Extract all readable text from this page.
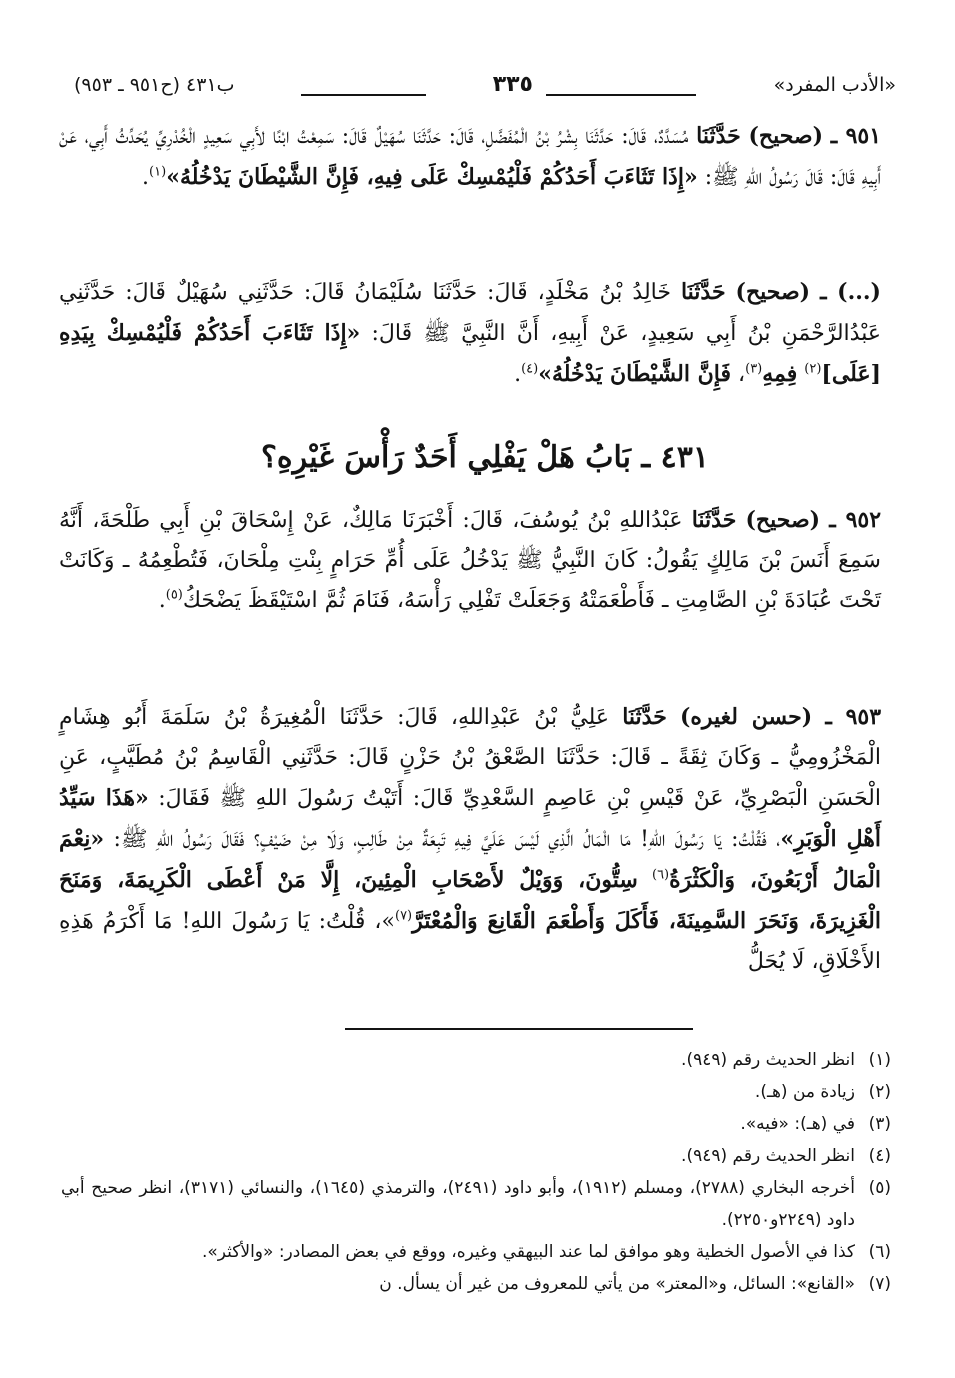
«الأدب المفرد»
٣٣٥
ب٤٣١ (ح٩٥١ ـ ٩٥٣)
٩٥١ ـ (صحيح) حَدَّثَنَا مُسَدَّدٌ، قَالَ: حَدَّثَنَا بِشْرُ بْنُ الْمُفَضَّلِ، قَالَ: حَدَّثَنَا سُهَيْلٌ قَالَ: سَمِعْتُ ابْنًا لأَبِي سَعِيدٍ الْخُدْرِيِّ يُحَدِّثُ أَبِي، عَنْ أَبِيهِ قَالَ: قَالَ رَسُولُ اللهِ ﷺ: «إِذَا تَثَاءَبَ أَحَدُكُمْ فَلْيُمْسِكْ عَلَى فِيهِ، فَإِنَّ الشَّيْطَانَ يَدْخُلُهُ»$^{(١)}$.
(...) ـ (صحيح) حَدَّثَنَا خَالِدُ بْنُ مَخْلَدٍ، قَالَ: حَدَّثَنَا سُلَيْمَانُ قَالَ: حَدَّثَنِي سُهَيْلٌ قَالَ: حَدَّثَنِي عَبْدُالرَّحْمَنِ بْنُ أَبِي سَعِيدٍ، عَنْ أَبِيهِ، أَنَّ النَّبِيَّ ﷺ قَالَ: «إِذَا تَثَاءَبَ أَحَدُكُمْ فَلْيُمْسِكْ بِيَدِهِ [عَلَى]$^{(٢)}$ فِمِهِ$^{(٣)}$، فَإِنَّ الشَّيْطَانَ يَدْخُلُهُ»$^{(٤)}$.
٤٣١ ـ بَابُ هَلْ يَفْلِي أَحَدٌ رَأْسَ غَيْرِهِ؟
٩٥٢ ـ (صحيح) حَدَّثَنَا عَبْدُاللهِ بْنُ يُوسُفَ، قَالَ: أَخْبَرَنَا مَالِكٌ، عَنْ إِسْحَاقَ بْنِ أَبِي طَلْحَةَ، أَنَّهُ سَمِعَ أَنَسَ بْنَ مَالِكٍ يَقُولُ: كَانَ النَّبِيُّ ﷺ يَدْخُلُ عَلَى أُمِّ حَرَامٍ بِنْتِ مِلْحَانَ، فَتُطْعِمُهُ ـ وَكَانَتْ تَحْتَ عُبَادَةَ بْنِ الصَّامِتِ ـ فَأَطْعَمَتْهُ وَجَعَلَتْ تَفْلِي رَأْسَهُ، فَنَامَ ثُمَّ اسْتَيْقَظَ يَضْحَكُ$^{(٥)}$.
٩٥٣ ـ (حسن لغيره) حَدَّثَنَا عَلِيُّ بْنُ عَبْدِاللهِ، قَالَ: حَدَّثَنَا الْمُغِيرَةُ بْنُ سَلَمَةَ أَبُو هِشَامٍ الْمَخْزُومِيُّ ـ وَكَانَ ثِقَةً ـ قَالَ: حَدَّثَنَا الصَّعْقُ بْنُ حَزْنٍ قَالَ: حَدَّثَنِي الْقَاسِمُ بْنُ مُطَيَّبٍ، عَنِ الْحَسَنِ الْبَصْرِيِّ، عَنْ قَيْسِ بْنِ عَاصِمٍ السَّعْدِيِّ قَالَ: أَتَيْتُ رَسُولَ اللهِ ﷺ فَقَالَ: «هَذَا سَيِّدُ أَهْلِ الْوَبَرِ»، فَقُلْتُ: يَا رَسُولَ اللهِ! مَا الْمَالُ الَّذِي لَيْسَ عَلَيَّ فِيهِ تَبِعَةٌ مِنْ طَالِبٍ، وَلَا مِنْ ضَيْفٍ؟ فَقَالَ رَسُولُ اللهِ ﷺ: «نِعْمَ الْمَالُ أَرْبَعُونَ، وَالْكَثْرَةُ$^{(٦)}$ سِتُّونَ، وَوَيْلٌ لأَصْحَابِ الْمِئِينَ، إِلَّا مَنْ أَعْطَى الْكَرِيمَةَ، وَمَنَحَ الْغَزِيرَةَ، وَنَحَرَ السَّمِينَةَ، فَأَكَلَ وَأَطْعَمَ الْقَانِعَ وَالْمُعْتَرَّ$^{(٧)}$»، قُلْتُ: يَا رَسُولَ اللهِ! مَا أَكْرَمُ هَذِهِ الأَخْلَاقِ، لَا يُحَلُّ
(١)
انظر الحديث رقم (٩٤٩).
(٢)
زيادة من (هـ).
(٣)
في (هـ): «فيه».
(٤)
انظر الحديث رقم (٩٤٩).
(٥)
أخرجه البخاري (٢٧٨٨)، ومسلم (١٩١٢)، وأبو داود (٢٤٩١)، والترمذي (١٦٤٥)، والنسائي (٣١٧١)، انظر صحيح أبي داود (٢٢٤٩و٢٢٥٠).
(٦)
كذا في الأصول الخطية وهو موافق لما عند البيهقي وغيره، ووقع في بعض المصادر: «والأكثر».
(٧)
«القانع»: السائل، و«المعتر» من يأتي للمعروف من غير أن يسأل. ن
